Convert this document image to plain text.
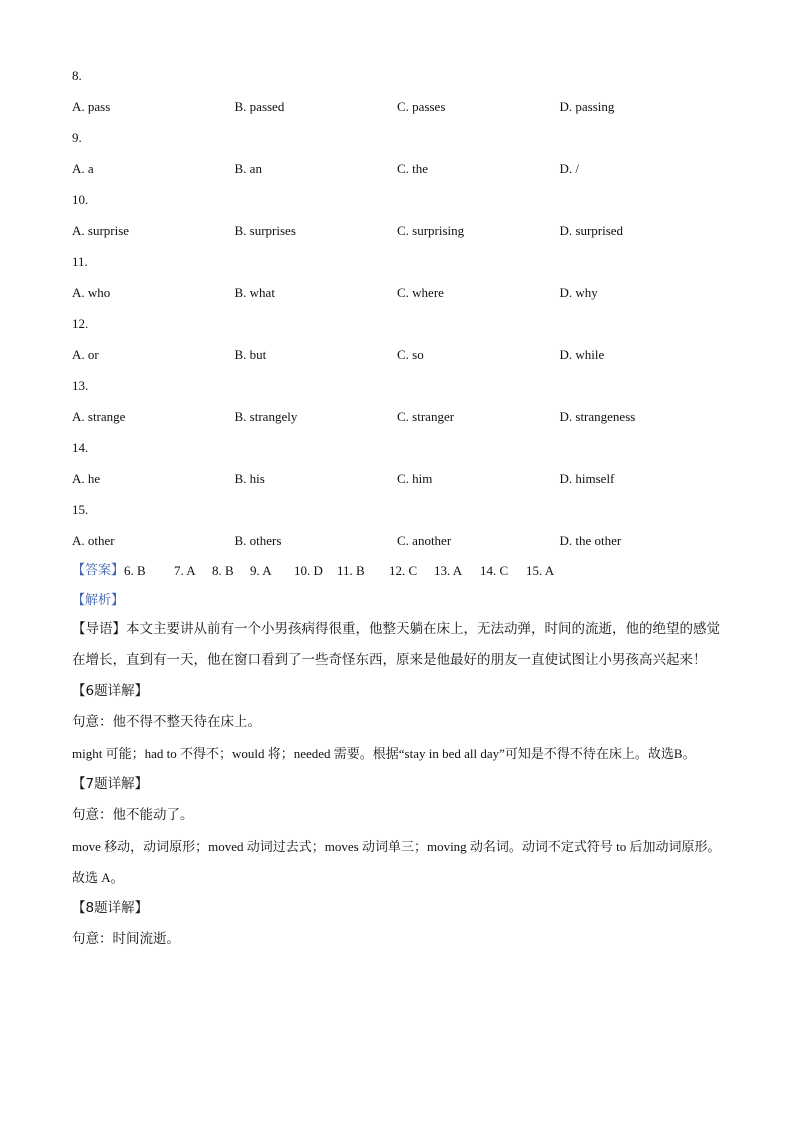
8.
A. pass	B. passed	C. passes	D. passing
9.
A. a	B. an	C. the	D. /
10.
A. surprise	B. surprises	C. surprising	D. surprised
11.
A. who	B. what	C. where	D. why
12.
A. or	B. but	C. so	D. while
13.
A. strange	B. strangely	C. stranger	D. strangeness
14.
A. he	B. his	C. him	D. himself
15.
A. other	B. others	C. another	D. the other
【答案】 6. B	7. A	8. B	9. A	10. D	11. B	12. C	13. A	14. C	15. A
【解析】
【导语】本文主要讲从前有一个小男孩病得很重，他整天躺在床上，无法动弹，时间的流逝，他的绝望的感觉在增长，直到有一天，他在窗口看到了一些奇怪东西，原来是他最好的朋友一直使试图让小男孩高兴起来！
【6题详解】
句意：他不得不整天待在床上。
might 可能；had to 不得不；would 将；needed 需要。根据“stay in bed all day”可知是不得不待在床上。故选B。
【7题详解】
句意：他不能动了。
move 移动，动词原形；moved 动词过去式；moves 动词单三；moving 动名词。动词不定式符号 to 后加动词原形。故选 A。
【8题详解】
句意：时间流逝。
